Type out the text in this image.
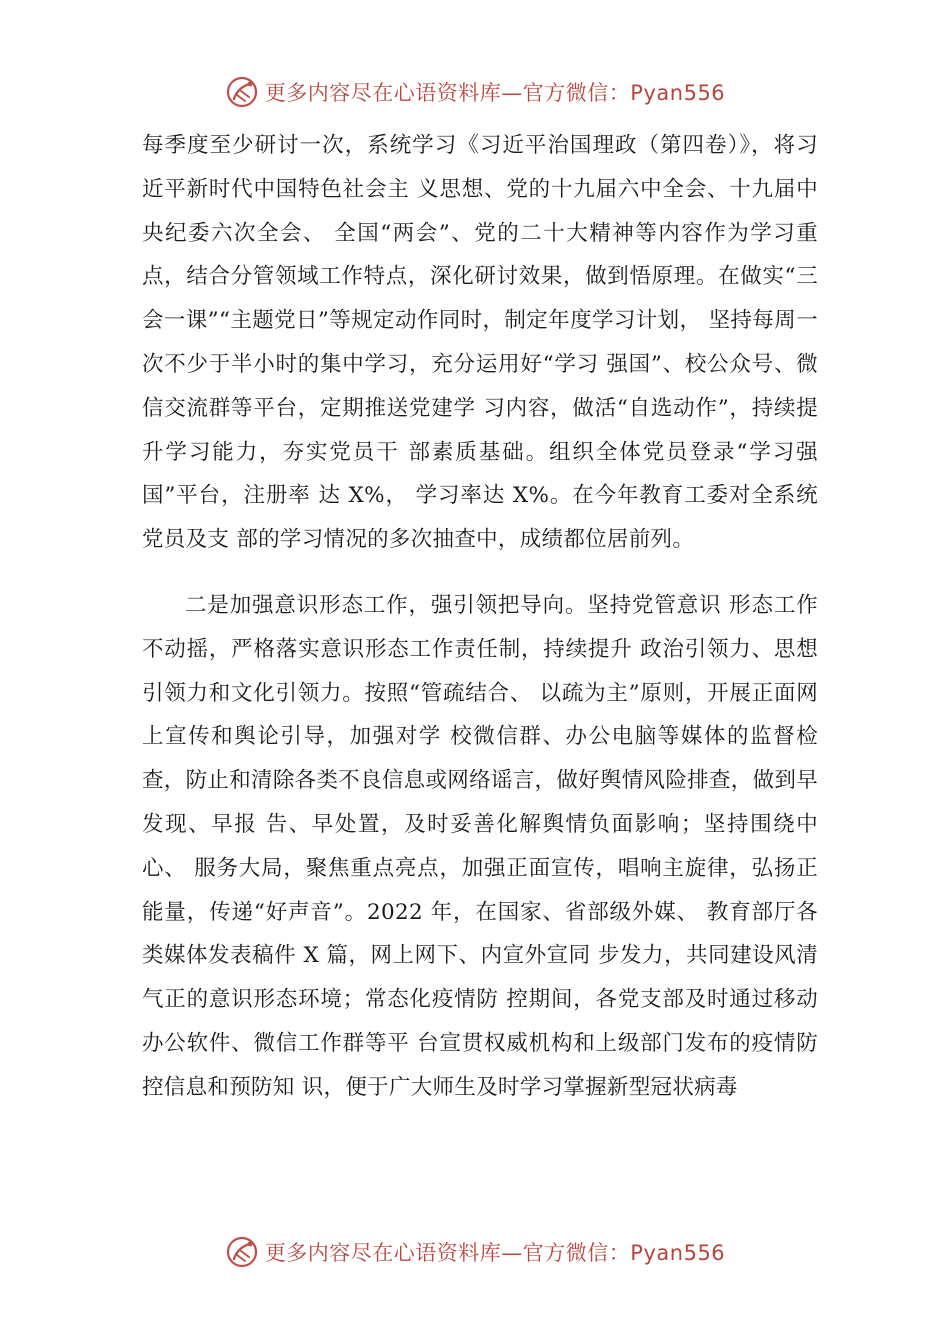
更多内容尽在心语资料库—官方微信：Pyan556

每季度至少研讨一次，系统学习《习近平治国理政（第四卷）》，将习近平新时代中国特色社会主 义思想、党的十九届六中全会、十九届中央纪委六次全会、 全国“两会”、党的二十大精神等内容作为学习重点，结合分管领域工作特点，深化研讨效果，做到悟原理。在做实“三会一课”“主题党日”等规定动作同时，制定年度学习计划， 坚持每周一次不少于半小时的集中学习，充分运用好“学习 强国”、校公众号、微信交流群等平台，定期推送党建学 习内容，做活“自选动作”，持续提升学习能力，夯实党员干 部素质基础。组织全体党员登录“学习强国”平台，注册率 达 X%， 学习率达 X%。在今年教育工委对全系统党员及支 部的学习情况的多次抽查中，成绩都位居前列。

二是加强意识形态工作，强引领把导向。坚持党管意识 形态工作不动摇，严格落实意识形态工作责任制，持续提升 政治引领力、思想引领力和文化引领力。按照“管疏结合、 以疏为主”原则，开展正面网上宣传和舆论引导，加强对学 校微信群、办公电脑等媒体的监督检查，防止和清除各类不良信息或网络谣言，做好舆情风险排查，做到早发现、早报 告、早处置，及时妥善化解舆情负面影响；坚持围绕中心、 服务大局，聚焦重点亮点，加强正面宣传，唱响主旋律，弘扬正能量，传递“好声音”。2022 年，在国家、省部级外媒、 教育部厅各类媒体发表稿件 X 篇，网上网下、内宣外宣同 步发力，共同建设风清气正的意识形态环境；常态化疫情防 控期间，各党支部及时通过移动办公软件、微信工作群等平 台宣贯权威机构和上级部门发布的疫情防控信息和预防知 识，便于广大师生及时学习掌握新型冠状病毒

更多内容尽在心语资料库—官方微信：Pyan556
